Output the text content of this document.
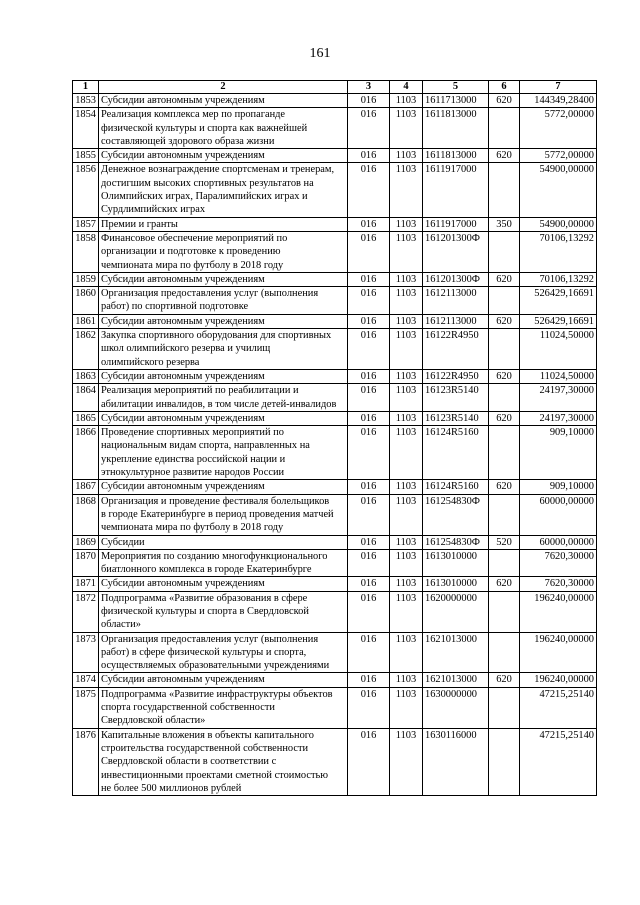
161
1	2	3	4	5	6	7
1853	Субсидии автономным учреждениям	016	1103	1611713000	620	144349,28400
1854	Реализация комплекса мер по пропаганде
физической культуры и спорта как важнейшей
составляющей здорового образа жизни	016	1103	1611813000		5772,00000
1855	Субсидии автономным учреждениям	016	1103	1611813000	620	5772,00000
1856	Денежное вознаграждение спортсменам и тренерам,
достигшим высоких спортивных результатов на
Олимпийских играх, Паралимпийских играх и
Сурдлимпийских играх	016	1103	1611917000		54900,00000
1857	Премии и гранты	016	1103	1611917000	350	54900,00000
1858	Финансовое обеспечение мероприятий по
организации и подготовке к проведению
чемпионата мира по футболу в 2018 году	016	1103	161201300Ф		70106,13292
1859	Субсидии автономным учреждениям	016	1103	161201300Ф	620	70106,13292
1860	Организация предоставления услуг (выполнения
работ) по спортивной подготовке	016	1103	1612113000		526429,16691
1861	Субсидии автономным учреждениям	016	1103	1612113000	620	526429,16691
1862	Закупка спортивного оборудования для спортивных
школ олимпийского резерва и училищ
олимпийского резерва	016	1103	16122R4950		11024,50000
1863	Субсидии автономным учреждениям	016	1103	16122R4950	620	11024,50000
1864	Реализация мероприятий по реабилитации и
абилитации инвалидов, в том числе детей-инвалидов	016	1103	16123R5140		24197,30000
1865	Субсидии автономным учреждениям	016	1103	16123R5140	620	24197,30000
1866	Проведение спортивных мероприятий по
национальным видам спорта, направленных на
укрепление единства российской нации и
этнокультурное развитие народов России	016	1103	16124R5160		909,10000
1867	Субсидии автономным учреждениям	016	1103	16124R5160	620	909,10000
1868	Организация и проведение фестиваля болельщиков
в городе Екатеринбурге в период проведения матчей
чемпионата мира по футболу в 2018 году	016	1103	161254830Ф		60000,00000
1869	Субсидии	016	1103	161254830Ф	520	60000,00000
1870	Мероприятия по созданию многофункционального
биатлонного комплекса в городе Екатеринбурге	016	1103	1613010000		7620,30000
1871	Субсидии автономным учреждениям	016	1103	1613010000	620	7620,30000
1872	Подпрограмма «Развитие образования в сфере
физической культуры и спорта в Свердловской
области»	016	1103	1620000000		196240,00000
1873	Организация предоставления услуг (выполнения
работ) в сфере физической культуры и спорта,
осуществляемых образовательными учреждениями	016	1103	1621013000		196240,00000
1874	Субсидии автономным учреждениям	016	1103	1621013000	620	196240,00000
1875	Подпрограмма «Развитие инфраструктуры объектов
спорта государственной собственности
Свердловской области»	016	1103	1630000000		47215,25140
1876	Капитальные вложения в объекты капитального
строительства государственной собственности
Свердловской области в соответствии с
инвестиционными проектами сметной стоимостью
не более 500 миллионов рублей	016	1103	1630116000		47215,25140
